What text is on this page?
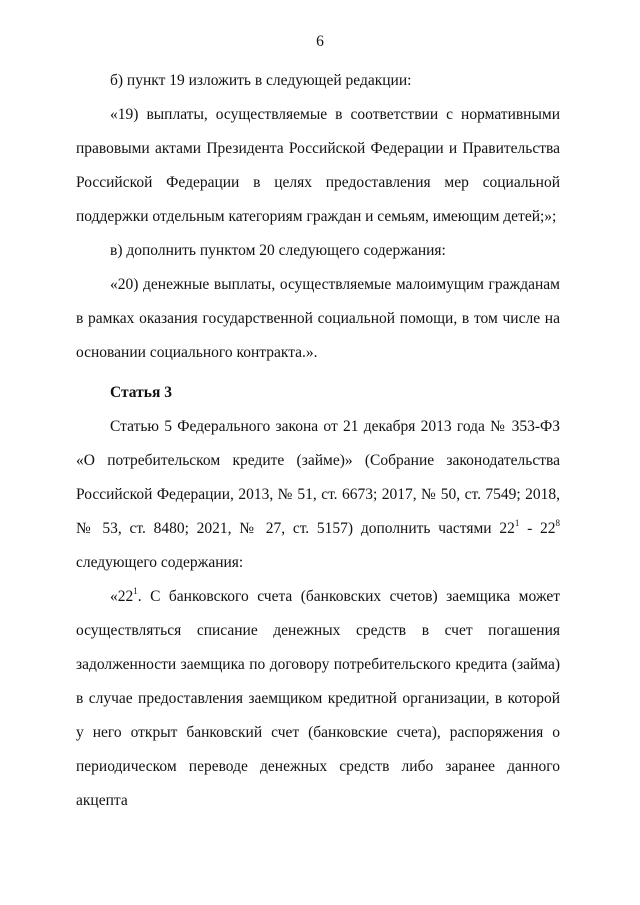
6

б) пункт 19 изложить в следующей редакции:

«19) выплаты, осуществляемые в соответствии с нормативными правовыми актами Президента Российской Федерации и Правительства Российской Федерации в целях предоставления мер социальной поддержки отдельным категориям граждан и семьям, имеющим детей;»;

в) дополнить пунктом 20 следующего содержания:

«20) денежные выплаты, осуществляемые малоимущим гражданам в рамках оказания государственной социальной помощи, в том числе на основании социального контракта.».

Статья 3

Статью 5 Федерального закона от 21 декабря 2013 года № 353-ФЗ «О потребительском кредите (займе)» (Собрание законодательства Российской Федерации, 2013, № 51, ст. 6673; 2017, № 50, ст. 7549; 2018, № 53, ст. 8480; 2021, № 27, ст. 5157) дополнить частями $22^1 - 22^8$ следующего содержания:

«$22^1$. С банковского счета (банковских счетов) заемщика может осуществляться списание денежных средств в счет погашения задолженности заемщика по договору потребительского кредита (займа) в случае предоставления заемщиком кредитной организации, в которой у него открыт банковский счет (банковские счета), распоряжения о периодическом переводе денежных средств либо заранее данного акцепта
